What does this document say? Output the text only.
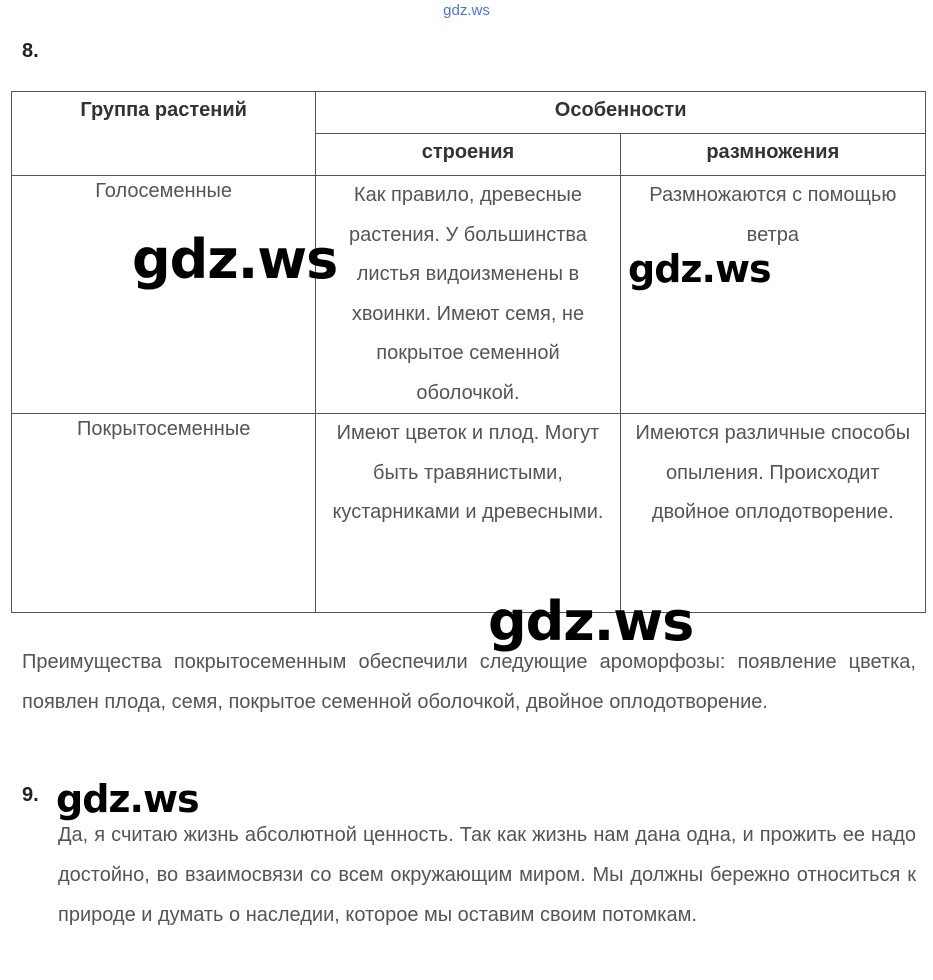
gdz.ws
8.
Группа растений	Особенности	
	строения	размножения
Голосеменные	Как правило, древесные растения. У большинства листья видоизменены в хвоинки. Имеют семя, не покрытое семенной оболочкой.	Размножаются с помощью ветра
Покрытосеменные	Имеют цветок и плод. Могут быть травянистыми, кустарниками и древесными.	Имеются различные способы опыления. Происходит двойное оплодотворение.
Преимущества покрытосеменным обеспечили следующие ароморфозы: появление цветка, появлен плода, семя, покрытое семенной оболочкой, двойное оплодотворение.
9.
Да, я считаю жизнь абсолютной ценность. Так как жизнь нам дана одна, и прожить ее надо достойно, во взаимосвязи со всем окружающим миром. Мы должны бережно относиться к природе и думать о наследии, которое мы оставим своим потомкам.
gdz.ws	gdz.ws
gdz.ws
gdz.ws
